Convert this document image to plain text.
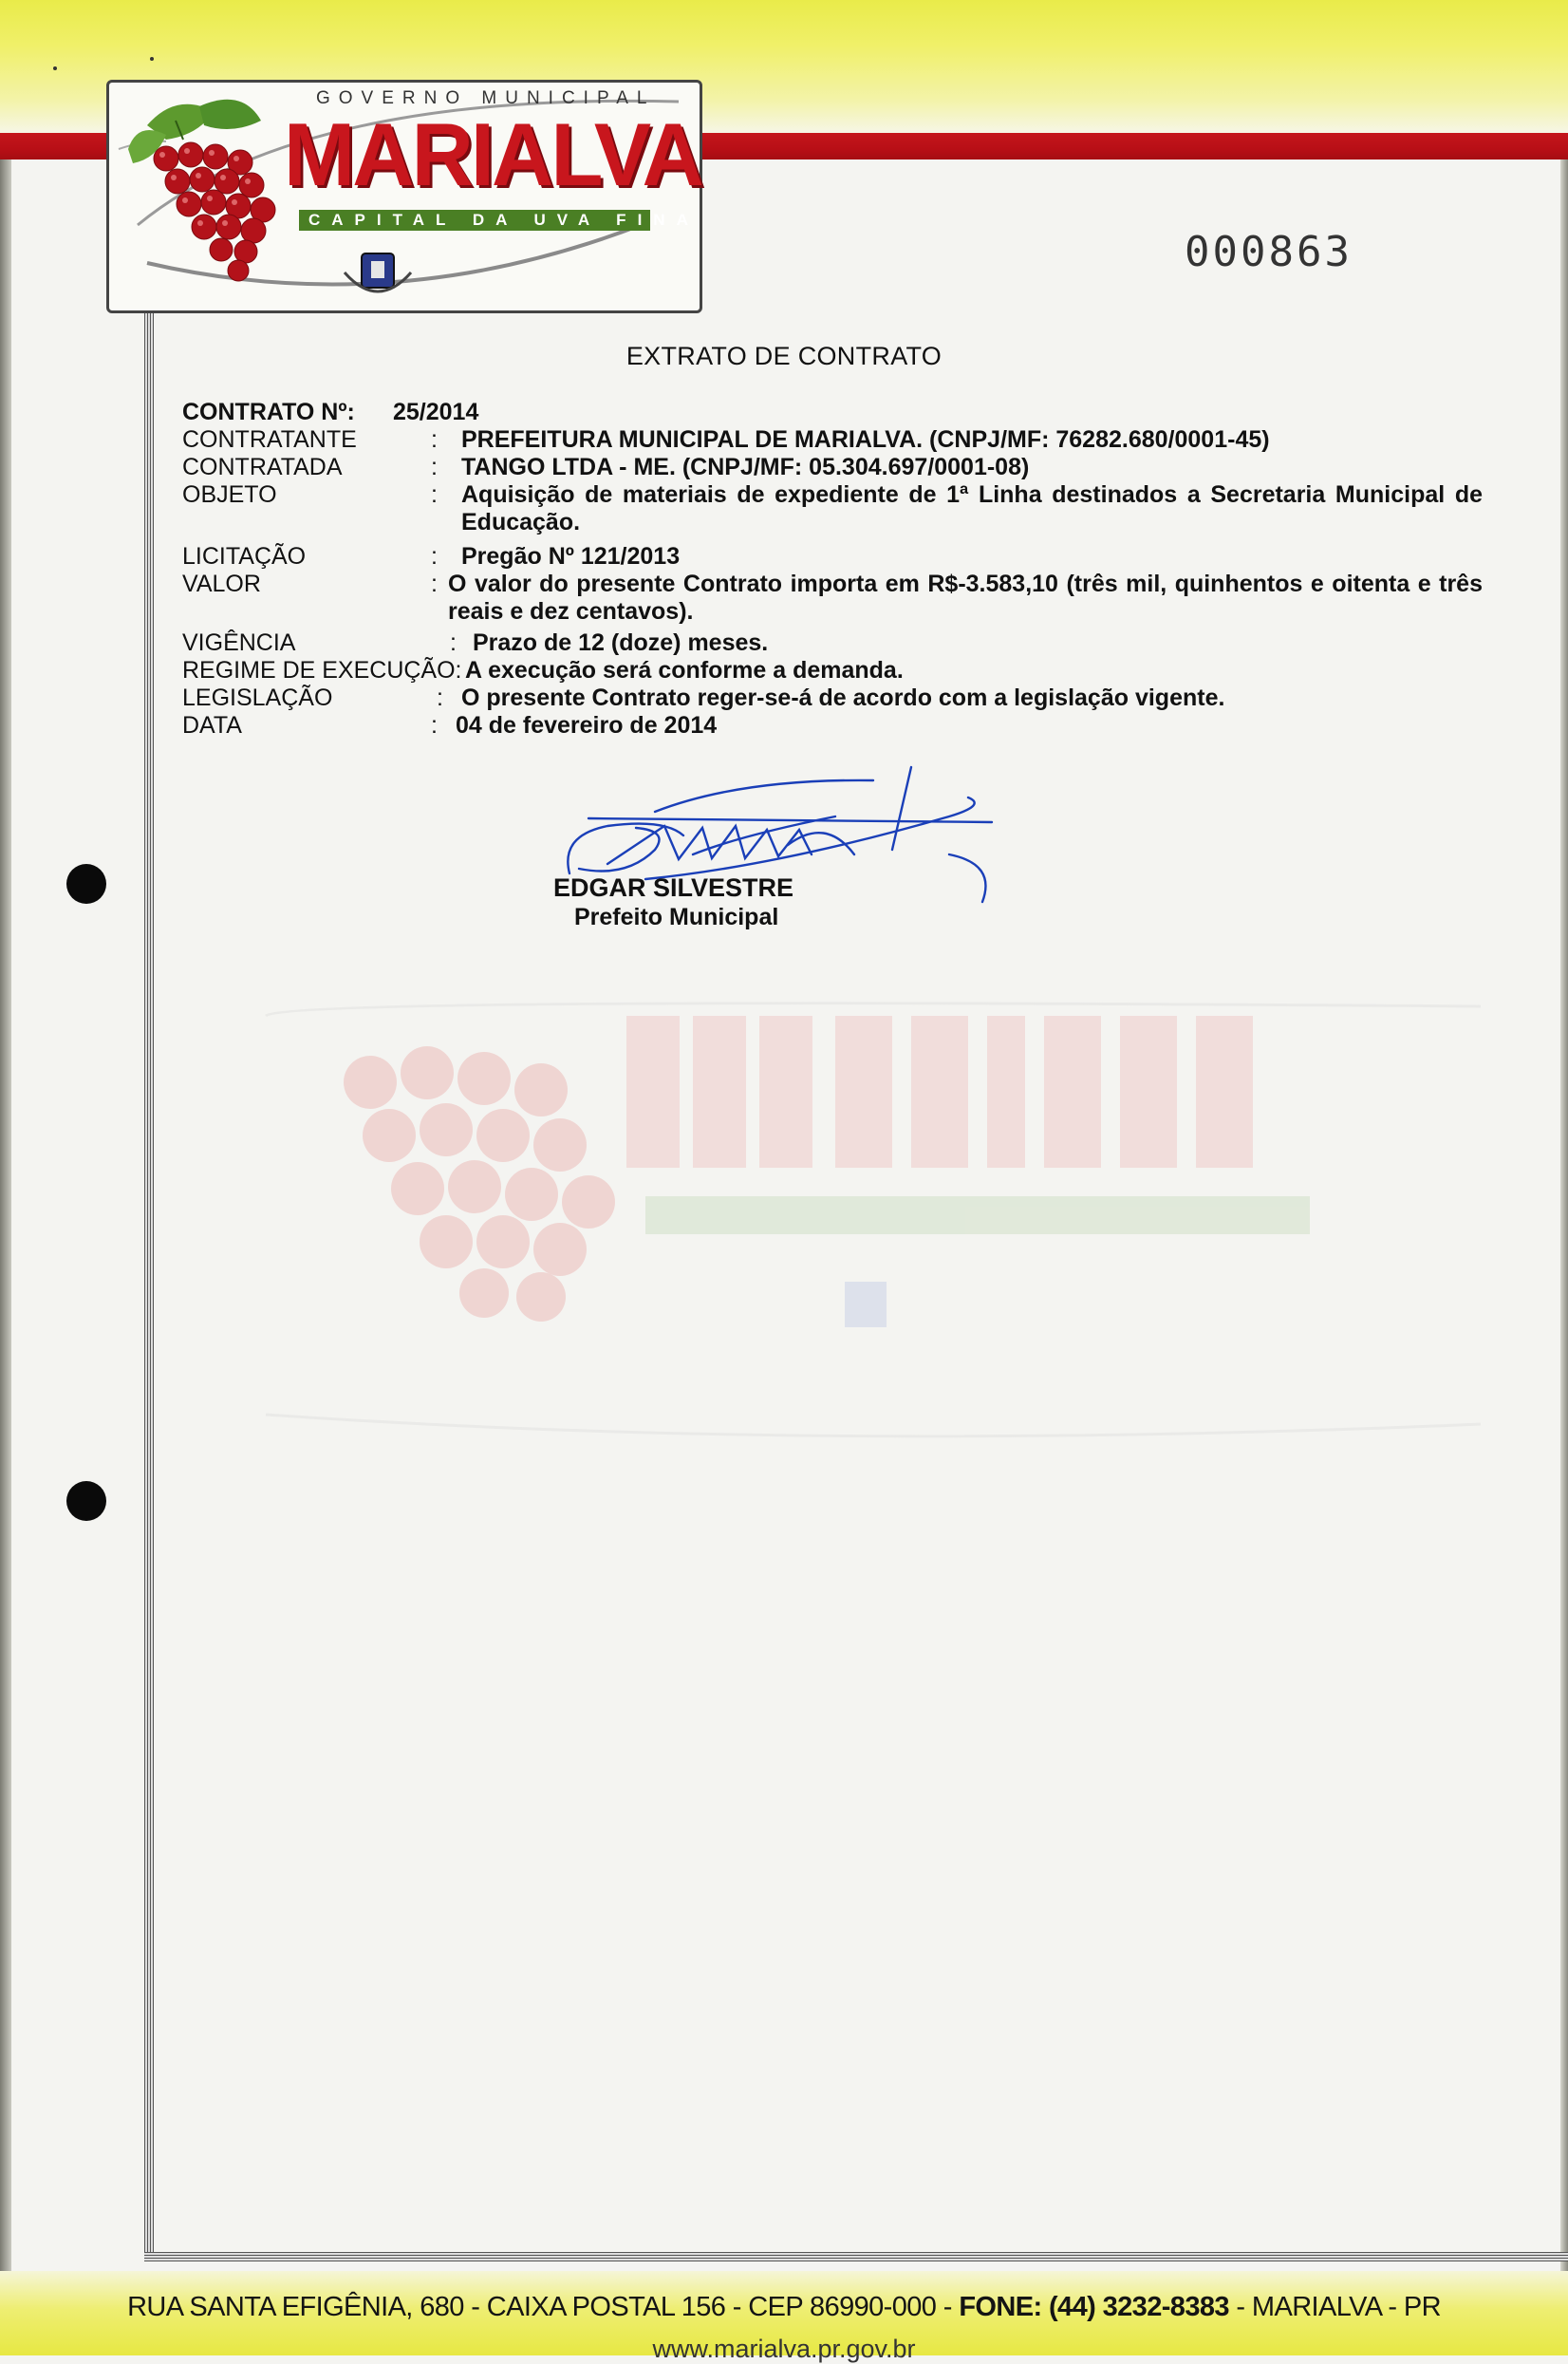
GOVERNO MUNICIPAL
MARIALVA
CAPITAL DA UVA FINA
000863
EXTRATO DE CONTRATO
CONTRATO Nº: 25/2014
CONTRATANTE	: PREFEITURA MUNICIPAL DE MARIALVA. (CNPJ/MF: 76282.680/0001-45)
CONTRATADA	: TANGO LTDA - ME. (CNPJ/MF: 05.304.697/0001-08)
OBJETO	: Aquisição de materiais de expediente de 1ª Linha destinados a Secretaria Municipal de Educação.
LICITAÇÃO	: Pregão Nº 121/2013
VALOR	: O valor do presente Contrato importa em R$-3.583,10 (três mil, quinhentos e oitenta e três reais e dez centavos).
VIGÊNCIA	: Prazo de 12 (doze) meses.
REGIME DE EXECUÇÃO: A execução será conforme a demanda.
LEGISLAÇÃO	: O presente Contrato reger-se-á de acordo com a legislação vigente.
DATA	: 04 de fevereiro de 2014
EDGAR SILVESTRE
Prefeito Municipal
RUA SANTA EFIGÊNIA, 680 - CAIXA POSTAL 156 - CEP 86990-000 - FONE: (44) 3232-8383 - MARIALVA - PR
www.marialva.pr.gov.br
